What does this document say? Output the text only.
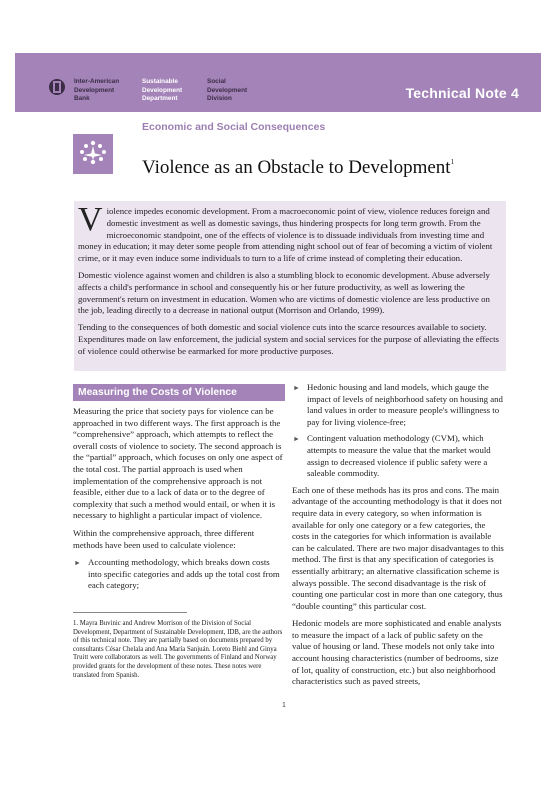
Inter-American
Development
Bank
Sustainable
Development
Department
Social
Development
Division	Technical Note 4
Economic and Social Consequences
Violence as an Obstacle to Development$^1$

Violence impedes economic development. From a macroeconomic point of view, violence reduces foreign and domestic investment as well as domestic savings, thus hindering prospects for long term growth. From the microeconomic standpoint, one of the effects of violence is to dissuade individuals from investing time and money in education; it may deter some people from attending night school out of fear of becoming a victim of violent crime, or it may even induce some individuals to turn to a life of crime instead of completing their education.

Domestic violence against women and children is also a stumbling block to economic development. Abuse adversely affects a child's performance in school and consequently his or her future productivity, as well as lowering the government's return on investment in education. Women who are victims of domestic violence are less productive on the job, leading directly to a decrease in national output (Morrison and Orlando, 1999).

Tending to the consequences of both domestic and social violence cuts into the scarce resources available to society. Expenditures made on law enforcement, the judicial system and social services for the purpose of alleviating the effects of violence could otherwise be earmarked for more productive purposes.

Measuring the Costs of Violence

Measuring the price that society pays for violence can be approached in two different ways. The first approach is the “comprehensive” approach, which attempts to reflect the overall costs of violence to society. The second approach is the “partial” approach, which focuses on only one aspect of the total cost. The partial approach is used when implementation of the comprehensive approach is not feasible, either due to a lack of data or to the degree of complexity that such a method would entail, or when it is necessary to highlight a particular impact of violence.

Within the comprehensive approach, three different methods have been used to calculate violence:

► Accounting methodology, which breaks down costs into specific categories and adds up the total cost from each category;
► Hedonic housing and land models, which gauge the impact of levels of neighborhood safety on housing and land values in order to measure people's willingness to pay for living violence-free;
► Contingent valuation methodology (CVM), which attempts to measure the value that the market would assign to decreased violence if public safety were a saleable commodity.

Each one of these methods has its pros and cons. The main advantage of the accounting methodology is that it does not require data in every category, so when information is available for only one category or a few categories, the costs in the categories for which information is available can be calculated. There are two major disadvantages to this method. The first is that any specification of categories is essentially arbitrary; an alternative classification scheme is always possible. The second disadvantage is the risk of counting one particular cost in more than one category, thus “double counting” this particular cost.

Hedonic models are more sophisticated and enable analysts to measure the impact of a lack of public safety on the value of housing or land. These models not only take into account housing characteristics (number of bedrooms, size of lot, quality of construction, etc.) but also neighborhood characteristics such as paved streets,

1. Mayra Buvinic and Andrew Morrison of the Division of Social Development, Department of Sustainable Development, IDB, are the authors of this technical note. They are partially based on documents prepared by consultants César Chelala and Ana María Sanjuán. Loreto Biehl and Ginya Truitt were collaborators as well. The governments of Finland and Norway provided grants for the development of these notes. These notes were translated from Spanish.
1
